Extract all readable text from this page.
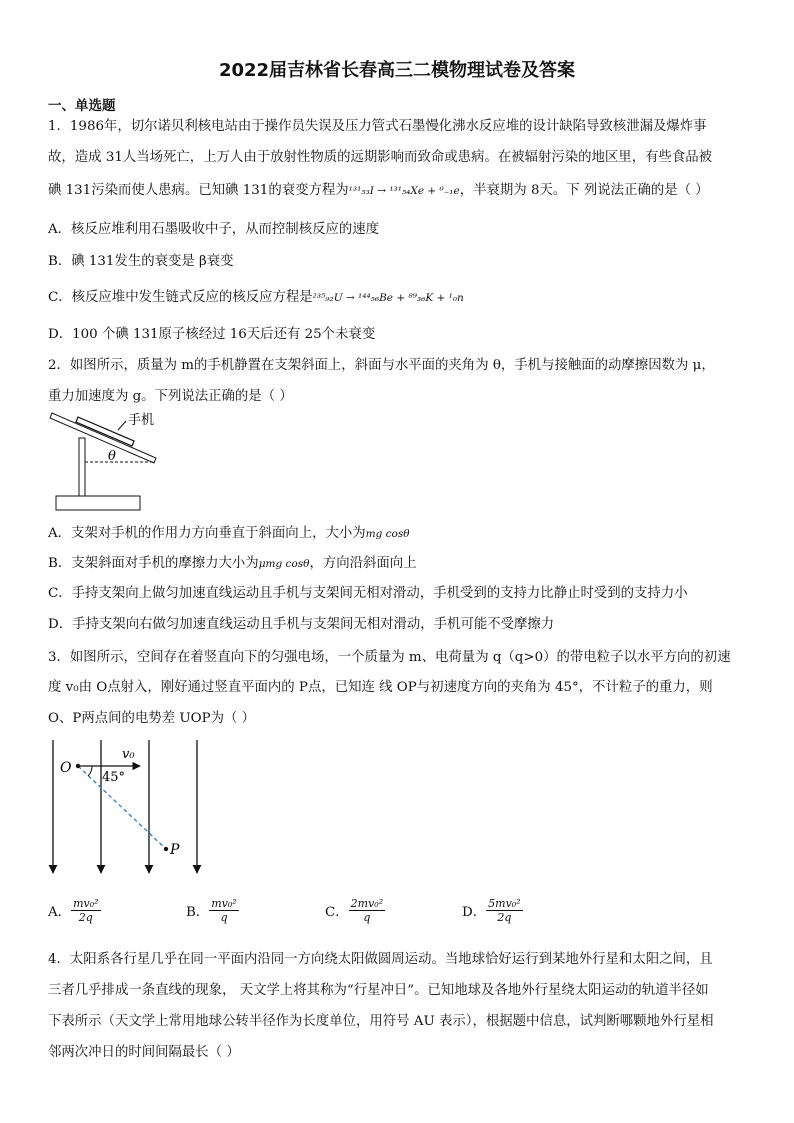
2022届吉林省长春高三二模物理试卷及答案
一、单选题
1．1986年，切尔诺贝利核电站由于操作员失误及压力管式石墨慢化沸水反应堆的设计缺陷导致核泄漏及爆炸事
故，造成 31人当场死亡，上万人由于放射性物质的远期影响而致命或患病。在被辐射污染的地区里，有些食品被
碘 131污染而使人患病。已知碘 131的衰变方程为¹³¹₅₃I → ¹³¹₅₄Xe + ⁰₋₁e，半衰期为 8天。下 列说法正确的是（ ）
A．核反应堆利用石墨吸收中子，从而控制核反应的速度
B．碘 131发生的衰变是 β衰变
C．核反应堆中发生链式反应的核反应方程是²³⁵₉₂U → ¹⁴⁴₅₆Be + ⁸⁹₃₆K + ¹₀n
D．100 个碘 131原子核经过 16天后还有 25个未衰变
2．如图所示，质量为 m的手机静置在支架斜面上，斜面与水平面的夹角为 θ，手机与接触面的动摩擦因数为 μ，
重力加速度为 g。下列说法正确的是（ ）
手机
θ
A．支架对手机的作用力方向垂直于斜面向上，大小为mg cosθ
B．支架斜面对手机的摩擦力大小为μmg cosθ，方向沿斜面向上
C．手持支架向上做匀加速直线运动且手机与支架间无相对滑动，手机受到的支持力比静止时受到的支持力小
D．手持支架向右做匀加速直线运动且手机与支架间无相对滑动，手机可能不受摩擦力
3．如图所示，空间存在着竖直向下的匀强电场，一个质量为 m、电荷量为 q（q>0）的带电粒子以水平方向的初速
度 v₀由 O点射入，刚好通过竖直平面内的 P点，已知连 线 OP与初速度方向的夹角为 45°，不计粒子的重力，则
O、P两点间的电势差 UOP为（ ）
v₀
O
P
45°
A． $\frac{\text{mv₀²}}{2q}$	B． $\frac{\text{mv₀²}}{q}$	C． $\frac{\text{2mv₀²}}{q}$	D． $\frac{\text{5mv₀²}}{2q}$
4．太阳系各行星几乎在同一平面内沿同一方向绕太阳做圆周运动。当地球恰好运行到某地外行星和太阳之间，且
三者几乎排成一条直线的现象， 天文学上将其称为“行星冲日”。已知地球及各地外行星绕太阳运动的轨道半径如
下表所示（天文学上常用地球公转半径作为长度单位，用符号 AU 表示），根据题中信息，试判断哪颗地外行星相
邻两次冲日的时间间隔最长（ ）
